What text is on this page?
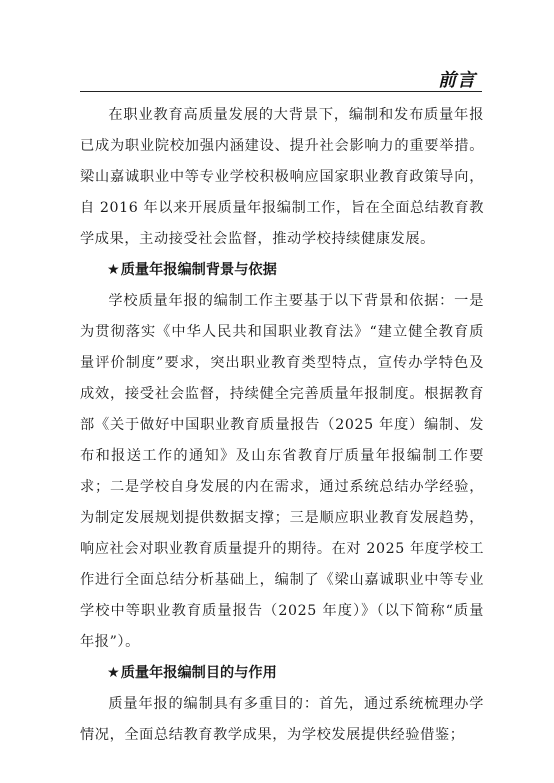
前言

在职业教育高质量发展的大背景下，编制和发布质量年报已成为职业院校加强内涵建设、提升社会影响力的重要举措。梁山嘉诚职业中等专业学校积极响应国家职业教育政策导向，自 2016 年以来开展质量年报编制工作，旨在全面总结教育教学成果，主动接受社会监督，推动学校持续健康发展。

★质量年报编制背景与依据

学校质量年报的编制工作主要基于以下背景和依据：一是为贯彻落实《中华人民共和国职业教育法》“建立健全教育质量评价制度”要求，突出职业教育类型特点，宣传办学特色及成效，接受社会监督，持续健全完善质量年报制度。根据教育部《关于做好中国职业教育质量报告（2025 年度）编制、发布和报送工作的通知》及山东省教育厅质量年报编制工作要求；二是学校自身发展的内在需求，通过系统总结办学经验，为制定发展规划提供数据支撑；三是顺应职业教育发展趋势，响应社会对职业教育质量提升的期待。在对 2025 年度学校工作进行全面总结分析基础上，编制了《梁山嘉诚职业中等专业学校中等职业教育质量报告（2025 年度）》（以下简称“质量年报”）。

★质量年报编制目的与作用

质量年报的编制具有多重目的：首先，通过系统梳理办学情况，全面总结教育教学成果，为学校发展提供经验借鉴；
